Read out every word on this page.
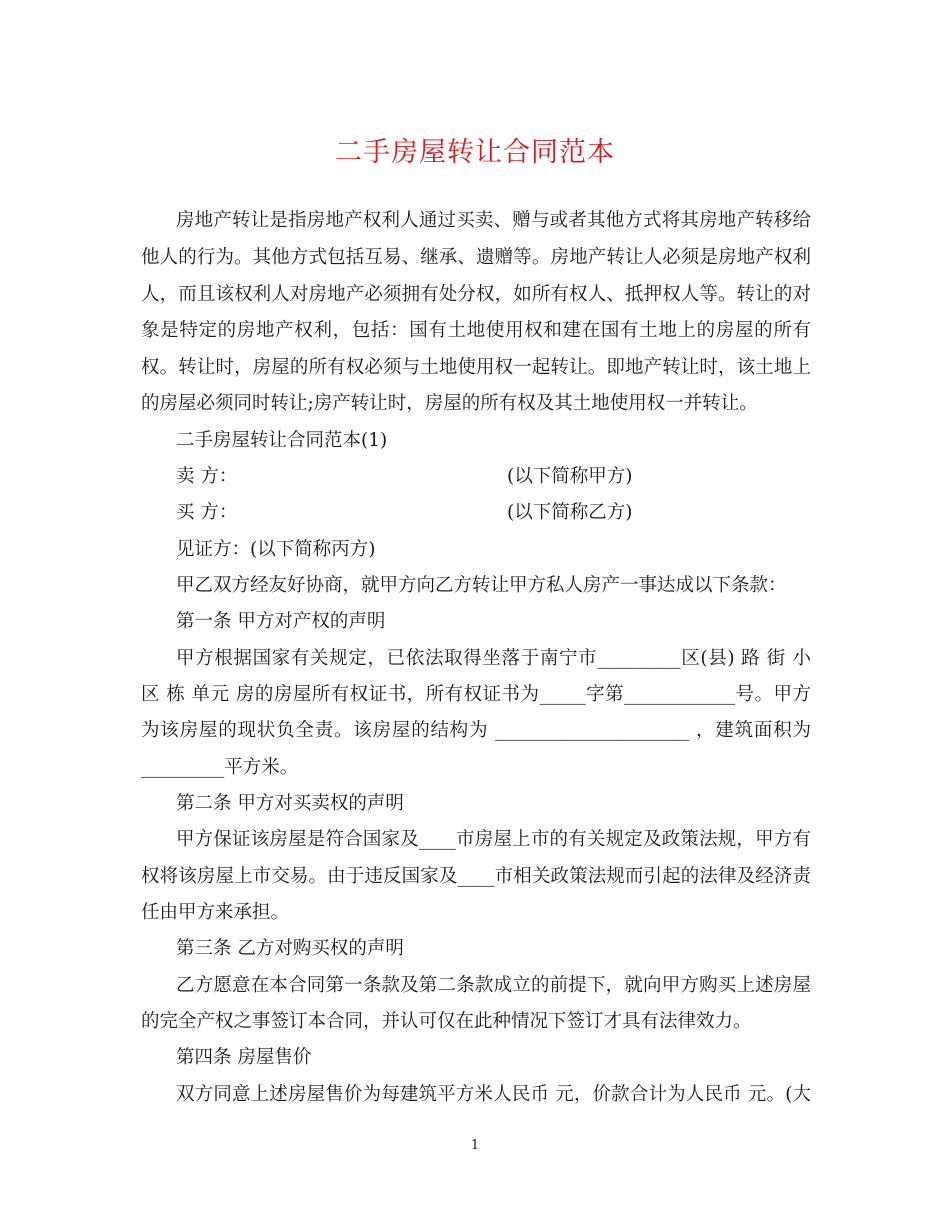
二手房屋转让合同范本
房地产转让是指房地产权利人通过买卖、赠与或者其他方式将其房地产转移给
他人的行为。其他方式包括互易、继承、遗赠等。房地产转让人必须是房地产权利
人，而且该权利人对房地产必须拥有处分权，如所有权人、抵押权人等。转让的对
象是特定的房地产权利，包括：国有土地使用权和建在国有土地上的房屋的所有
权。转让时，房屋的所有权必须与土地使用权一起转让。即地产转让时，该土地上
的房屋必须同时转让;房产转让时，房屋的所有权及其土地使用权一并转让。
二手房屋转让合同范本(1)
卖 方：	(以下简称甲方)
买 方：	(以下简称乙方)
见证方：(以下简称丙方)
甲乙双方经友好协商，就甲方向乙方转让甲方私人房产一事达成以下条款：
第一条 甲方对产权的声明
甲方根据国家有关规定，已依法取得坐落于南宁市_________区(县) 路 街 小
区 栋 单元 房的房屋所有权证书，所有权证书为_____字第____________号。甲方
为该房屋的现状负全责。该房屋的结构为 _____________________ ，建筑面积为
_________平方米。
第二条 甲方对买卖权的声明
甲方保证该房屋是符合国家及____市房屋上市的有关规定及政策法规，甲方有
权将该房屋上市交易。由于违反国家及____市相关政策法规而引起的法律及经济责
任由甲方来承担。
第三条 乙方对购买权的声明
乙方愿意在本合同第一条款及第二条款成立的前提下，就向甲方购买上述房屋
的完全产权之事签订本合同，并认可仅在此种情况下签订才具有法律效力。
第四条 房屋售价
双方同意上述房屋售价为每建筑平方米人民币 元，价款合计为人民币 元。(大
1
